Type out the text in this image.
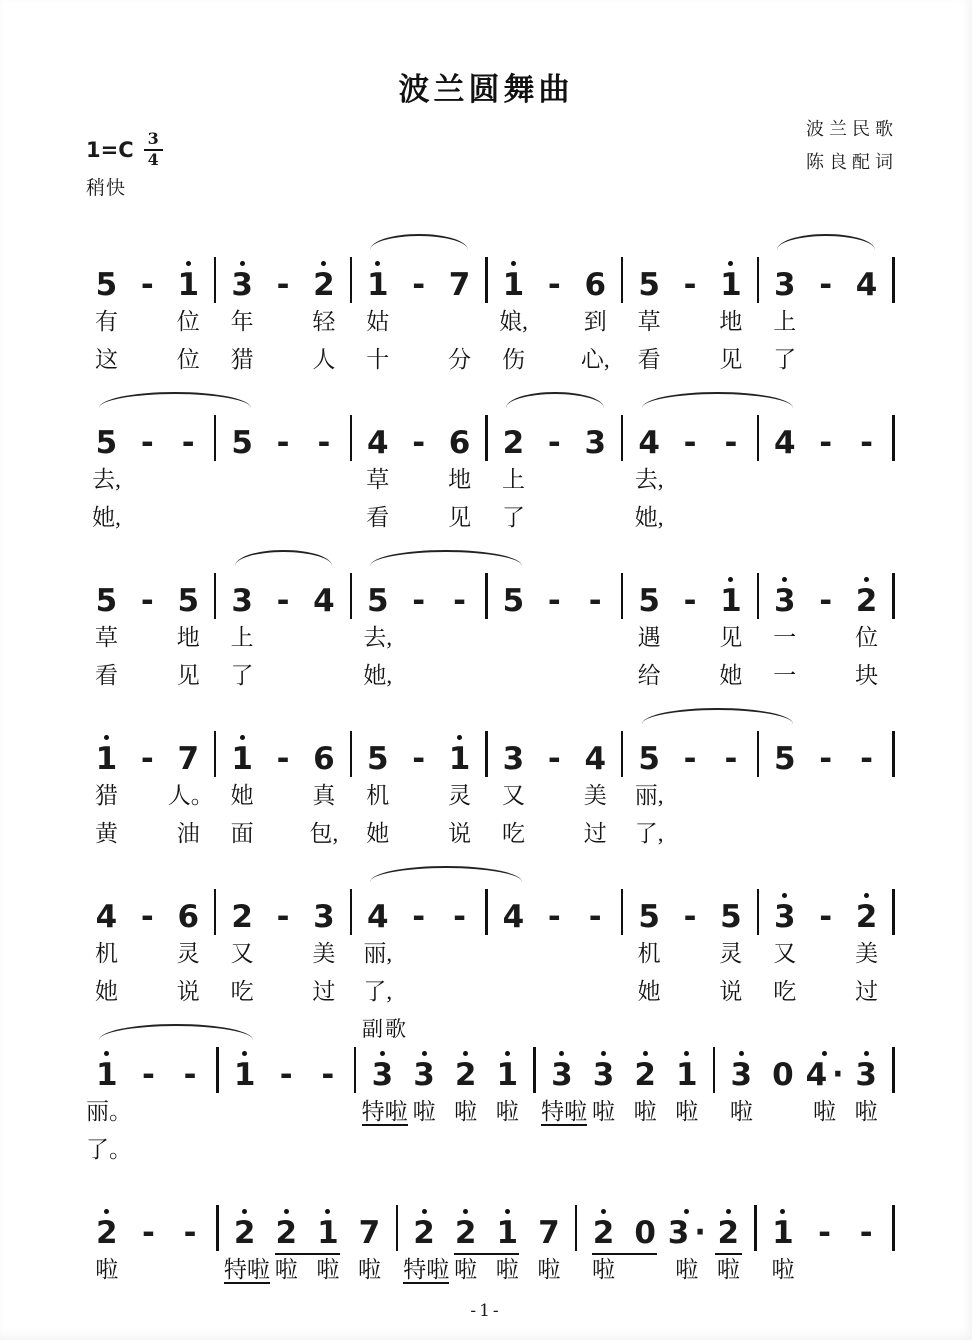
波兰圆舞曲
$1=C \frac{3}{4}$
稍快
波兰民歌
陈良配词
5
有
这
- 1
位
位
3
年
猎
- 2
轻
人
1
姑
十
- 7
分
1
娘,
伤
- 6
到
心,
5
草
看
- 1
地
见
3
上
了
- 4
5
去,
她,
- - 5 - - 4
草
看
- 6
地
见
2
上
了
- 3 4
去,
她,
- - 4 - -
5
草
看
- 5
地
见
3
上
了
- 4 5
去,
她,
- - 5 - - 5
遇
给
- 1
见
她
3
一
一
- 2
位
块
1
猎
黄
- 7
人。
油
1
她
面
- 6
真
包,
5
机
她
- 1
灵
说
3
又
吃
- 4
美
过
5
丽,
了,
- - 5 - -
4
机
她
- 6
灵
说
2
又
吃
- 3
美
过
4
丽,
了,
- - 4 - - 5
机
她
- 5
灵
说
3
又
吃
- 2
美
过
1
丽。
了。
- - 1 - - 3
特啦
3
啦
2
啦
1
啦
3
特啦
3
啦
2
啦
1
啦
3
啦
0 4 ·
啦
3
啦
副歌
2
啦
- - 2
特啦
2
啦
1
啦
7
啦
2
特啦
2
啦
1
啦
7
啦
2
啦
0 3 ·
啦
2
啦
1
啦
- -
-1-
